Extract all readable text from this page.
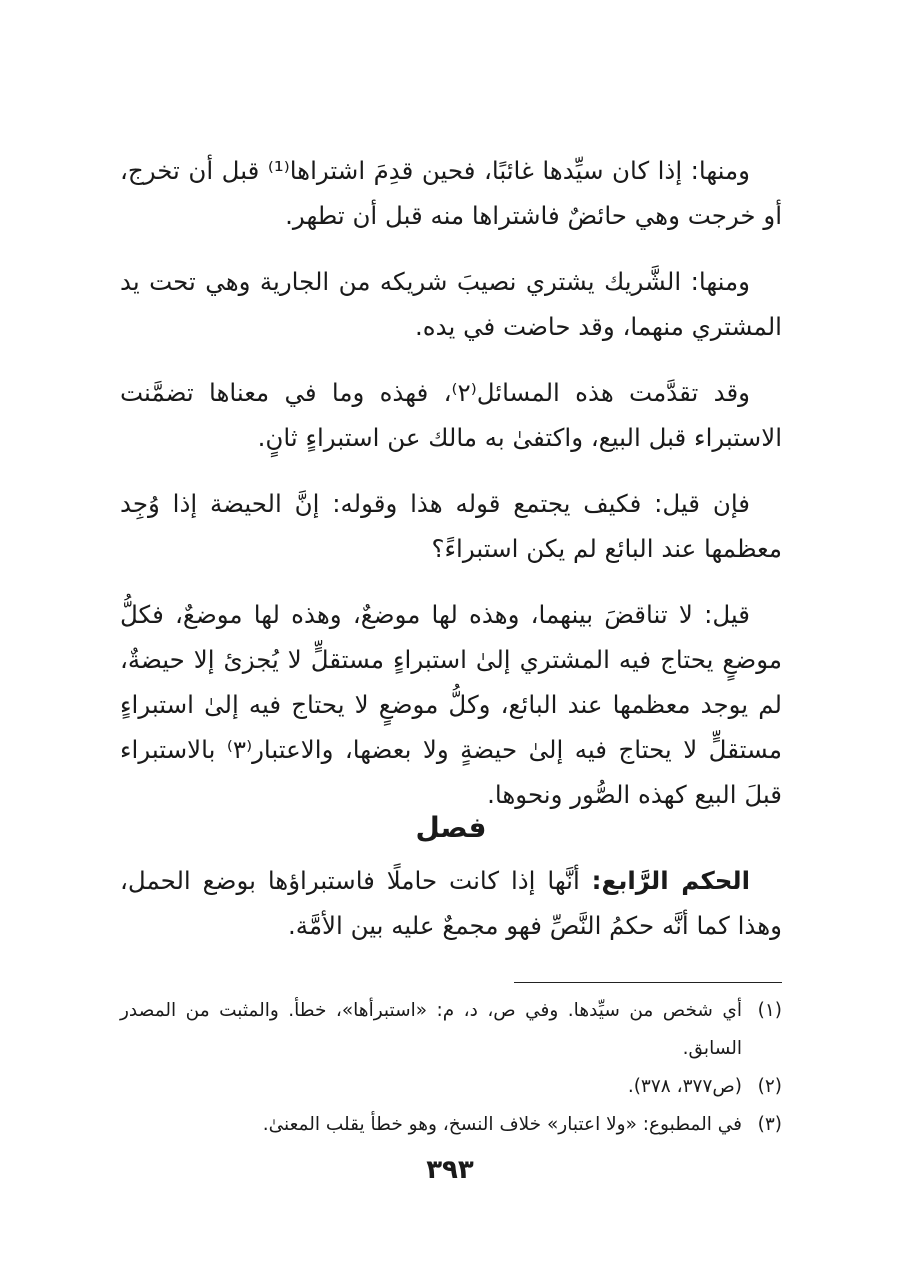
ومنها: إذا كان سيِّدها غائبًا، فحين قدِمَ اشتراها⁽¹⁾ قبل أن تخرج، أو خرجت وهي حائضٌ فاشتراها منه قبل أن تطهر.

ومنها: الشَّريك يشتري نصيبَ شريكه من الجارية وهي تحت يد المشتري منهما، وقد حاضت في يده.

وقد تقدَّمت هذه المسائل⁽٢⁾، فهذه وما في معناها تضمَّنت الاستبراء قبل البيع، واكتفىٰ به مالك عن استبراءٍ ثانٍ.

فإن قيل: فكيف يجتمع قوله هذا وقوله: إنَّ الحيضة إذا وُجِد معظمها عند البائع لم يكن استبراءً؟

قيل: لا تناقضَ بينهما، وهذه لها موضعٌ، وهذه لها موضعٌ، فكلُّ موضعٍ يحتاج فيه المشتري إلىٰ استبراءٍ مستقلٍّ لا يُجزئ إلا حيضةٌ، لم يوجد معظمها عند البائع، وكلُّ موضعٍ لا يحتاج فيه إلىٰ استبراءٍ مستقلٍّ لا يحتاج فيه إلىٰ حيضةٍ ولا بعضها، والاعتبار⁽٣⁾ بالاستبراء قبلَ البيع كهذه الصُّور ونحوها.

فصل

الحكم الرَّابع: أنَّها إذا كانت حاملًا فاستبراؤها بوضع الحمل، وهذا كما أنَّه حكمُ النَّصِّ فهو مجمعٌ عليه بين الأمَّة.

(١)
أي شخص من سيِّدها. وفي ص، د، م: «استبرأها»، خطأ. والمثبت من المصدر السابق.
(٢)
(ص٣٧٧، ٣٧٨).
(٣)
في المطبوع: «ولا اعتبار» خلاف النسخ، وهو خطأ يقلب المعنىٰ.

٣٩٣
